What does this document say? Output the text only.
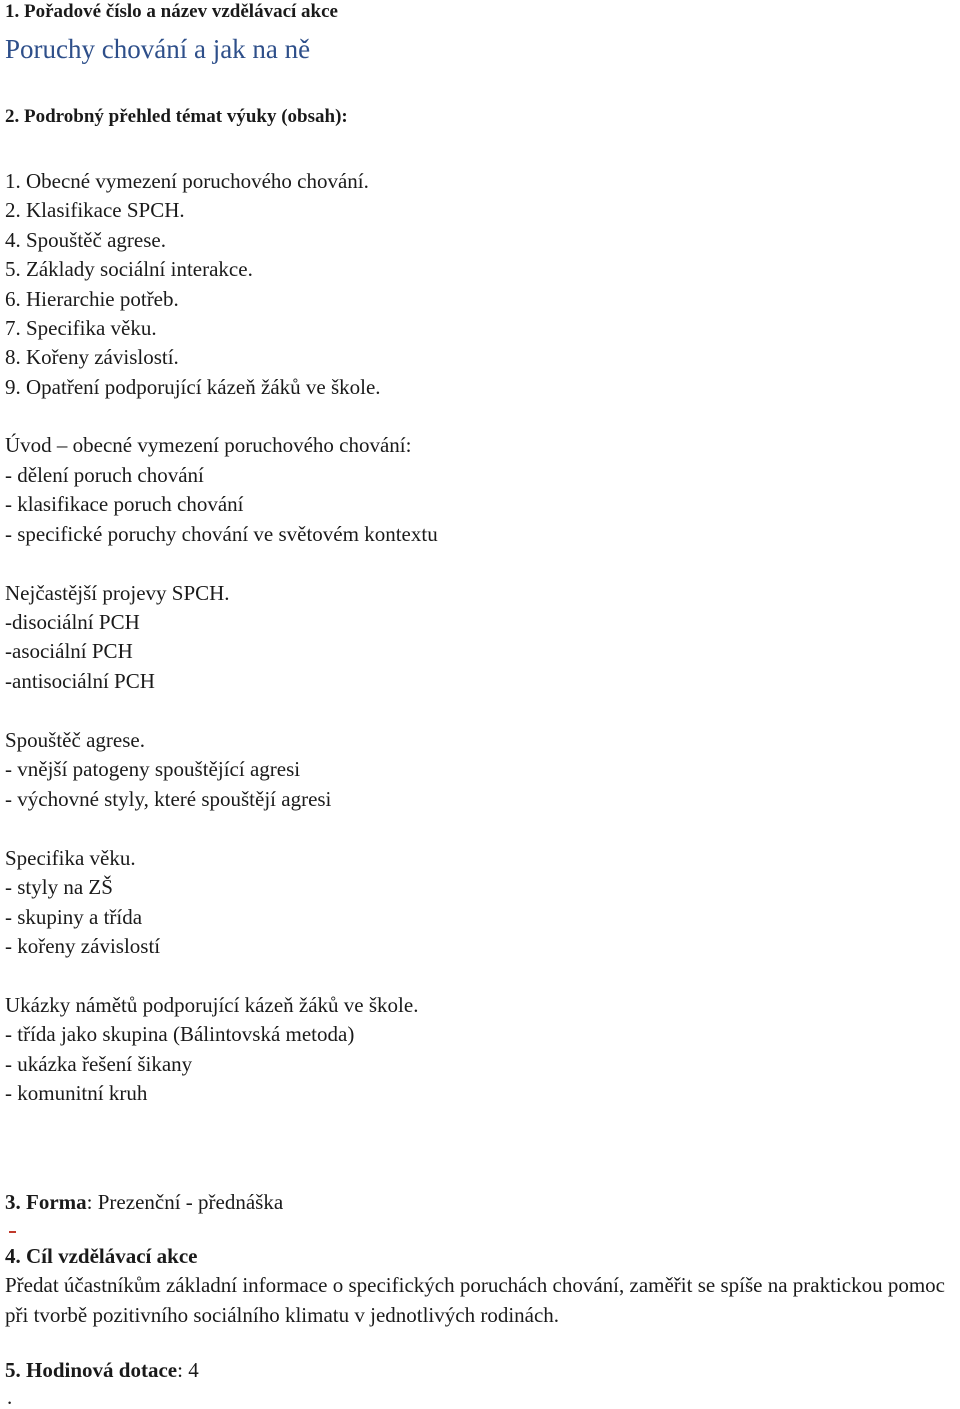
1. Pořadové číslo a název vzdělávací akce

Poruchy chování a jak na ně

2. Podrobný přehled témat výuky (obsah):

1. Obecné vymezení poruchového chování.

2. Klasifikace SPCH.

4. Spouštěč agrese.

5. Základy sociální interakce.

6. Hierarchie potřeb.

7. Specifika věku.

8. Kořeny závislostí.

9. Opatření podporující kázeň žáků ve škole.

Úvod – obecné vymezení poruchového chování:

- dělení poruch chování

- klasifikace poruch chování

- specifické poruchy chování ve světovém kontextu

Nejčastější projevy SPCH.

-disociální PCH

-asociální PCH

-antisociální PCH

Spouštěč agrese.

- vnější patogeny spouštějící agresi

- výchovné styly, které spouštějí agresi

Specifika věku.

- styly na ZŠ

- skupiny a třída

- kořeny závislostí

Ukázky námětů podporující kázeň žáků ve škole.

- třída jako skupina (Bálintovská metoda)

- ukázka řešení šikany

- komunitní kruh

3. Forma: Prezenční - přednáška

4. Cíl vzdělávací akce

Předat účastníkům základní informace o specifických poruchách chování, zaměřit se spíše na praktickou pomoc při tvorbě pozitivního sociálního klimatu v jednotlivých rodinách.

5. Hodinová dotace: 4

.
